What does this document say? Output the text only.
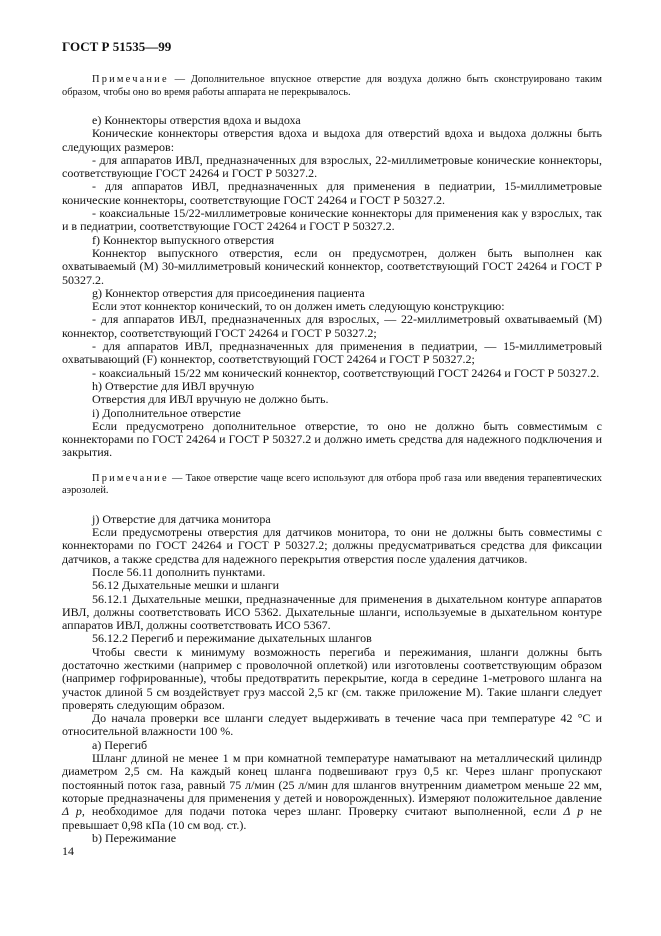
ГОСТ Р 51535—99

Примечание — Дополнительное впускное отверстие для воздуха должно быть сконструировано таким образом, чтобы оно во время работы аппарата не перекрывалось.

e) Коннекторы отверстия вдоха и выдоха

Конические коннекторы отверстия вдоха и выдоха для отверстий вдоха и выдоха должны быть следующих размеров:

- для аппаратов ИВЛ, предназначенных для взрослых, 22-миллиметровые конические коннекторы, соответствующие ГОСТ 24264 и ГОСТ Р 50327.2.

- для аппаратов ИВЛ, предназначенных для применения в педиатрии, 15-миллиметровые конические коннекторы, соответствующие ГОСТ 24264 и ГОСТ Р 50327.2.

- коаксиальные 15/22-миллиметровые конические коннекторы для применения как у взрослых, так и в педиатрии, соответствующие ГОСТ 24264 и ГОСТ Р 50327.2.

f) Коннектор выпускного отверстия

Коннектор выпускного отверстия, если он предусмотрен, должен быть выполнен как охватываемый (М) 30-миллиметровый конический коннектор, соответствующий ГОСТ 24264 и ГОСТ Р 50327.2.

g) Коннектор отверстия для присоединения пациента

Если этот коннектор конический, то он должен иметь следующую конструкцию:

- для аппаратов ИВЛ, предназначенных для взрослых, — 22-миллиметровый охватываемый (М) коннектор, соответствующий ГОСТ 24264 и ГОСТ Р 50327.2;

- для аппаратов ИВЛ, предназначенных для применения в педиатрии, — 15-миллиметровый охватывающий (F) коннектор, соответствующий ГОСТ 24264 и ГОСТ Р 50327.2;

- коаксиальный 15/22 мм конический коннектор, соответствующий ГОСТ 24264 и ГОСТ Р 50327.2.

h) Отверстие для ИВЛ вручную

Отверстия для ИВЛ вручную не должно быть.

i) Дополнительное отверстие

Если предусмотрено дополнительное отверстие, то оно не должно быть совместимым с коннекторами по ГОСТ 24264 и ГОСТ Р 50327.2 и должно иметь средства для надежного подключения и закрытия.

Примечание — Такое отверстие чаще всего используют для отбора проб газа или введения терапевтических аэрозолей.

j) Отверстие для датчика монитора

Если предусмотрены отверстия для датчиков монитора, то они не должны быть совместимы с коннекторами по ГОСТ 24264 и ГОСТ Р 50327.2; должны предусматриваться средства для фиксации датчиков, а также средства для надежного перекрытия отверстия после удаления датчиков.

После 56.11 дополнить пунктами.

56.12 Дыхательные мешки и шланги

56.12.1 Дыхательные мешки, предназначенные для применения в дыхательном контуре аппаратов ИВЛ, должны соответствовать ИСО 5362. Дыхательные шланги, используемые в дыхательном контуре аппаратов ИВЛ, должны соответствовать ИСО 5367.

56.12.2 Перегиб и пережимание дыхательных шлангов

Чтобы свести к минимуму возможность перегиба и пережимания, шланги должны быть достаточно жесткими (например с проволочной оплеткой) или изготовлены соответствующим образом (например гофрированные), чтобы предотвратить перекрытие, когда в середине 1-метрового шланга на участок длиной 5 см воздействует груз массой 2,5 кг (см. также приложение М). Такие шланги следует проверять следующим образом.

До начала проверки все шланги следует выдерживать в течение часа при температуре 42 °С и относительной влажности 100 %.

а) Перегиб

Шланг длиной не менее 1 м при комнатной температуре наматывают на металлический цилиндр диаметром 2,5 см. На каждый конец шланга подвешивают груз 0,5 кг. Через шланг пропускают постоянный поток газа, равный 75 л/мин (25 л/мин для шлангов внутренним диаметром меньше 22 мм, которые предназначены для применения у детей и новорожденных). Измеряют положительное давление Δ р, необходимое для подачи потока через шланг. Проверку считают выполненной, если Δ р не превышает 0,98 кПа (10 см вод. ст.).

b) Пережимание

14
